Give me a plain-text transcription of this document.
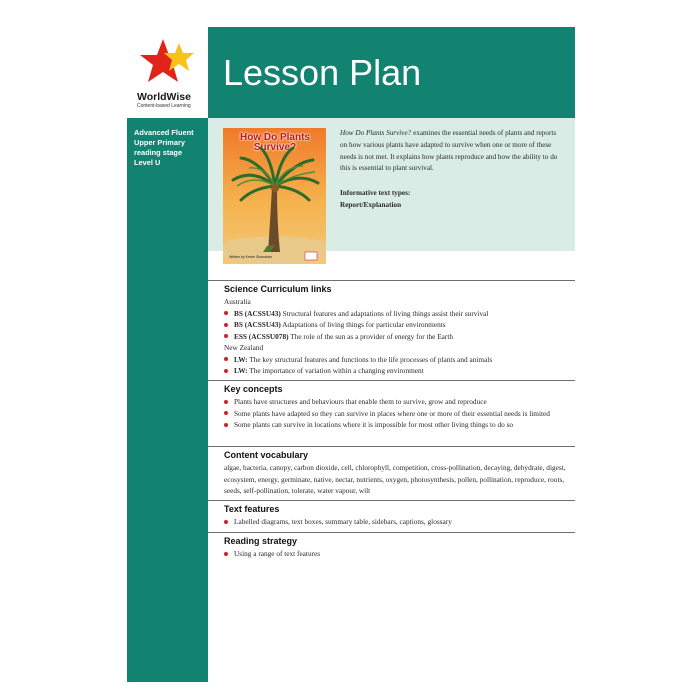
WorldWise
Content-based Learning
Lesson Plan
Advanced Fluent
Upper Primary
reading stage
Level U
How Do Plants Survive?
Written by Kerrie Shanahan
How Do Plants Survive? examines the essential needs of plants and reports on how various plants have adapted to survive when one or more of these needs is not met. It explains how plants reproduce and how the ability to do this is essential to plant survival.
Informative text types:
Report/Explanation
Science Curriculum links
Australia
BS (ACSSU43) Structural features and adaptations of living things assist their survival
BS (ACSSU43) Adaptations of living things for particular environments
ESS (ACSSU078) The role of the sun as a provider of energy for the Earth
New Zealand
LW: The key structural features and functions to the life processes of plants and animals
LW: The importance of variation within a changing environment
Key concepts
Plants have structures and behaviours that enable them to survive, grow and reproduce
Some plants have adapted so they can survive in places where one or more of their essential needs is limited
Some plants can survive in locations where it is impossible for most other living things to do so
Content vocabulary
algae, bacteria, canopy, carbon dioxide, cell, chlorophyll, competition, cross-pollination, decaying, dehydrate, digest, ecosystem, energy, germinate, native, nectar, nutrients, oxygen, photosynthesis, pollen, pollination, reproduce, roots, seeds, self-pollination, tolerate, water vapour, wilt
Text features
Labelled diagrams, text boxes, summary table, sidebars, captions, glossary
Reading strategy
Using a range of text features
